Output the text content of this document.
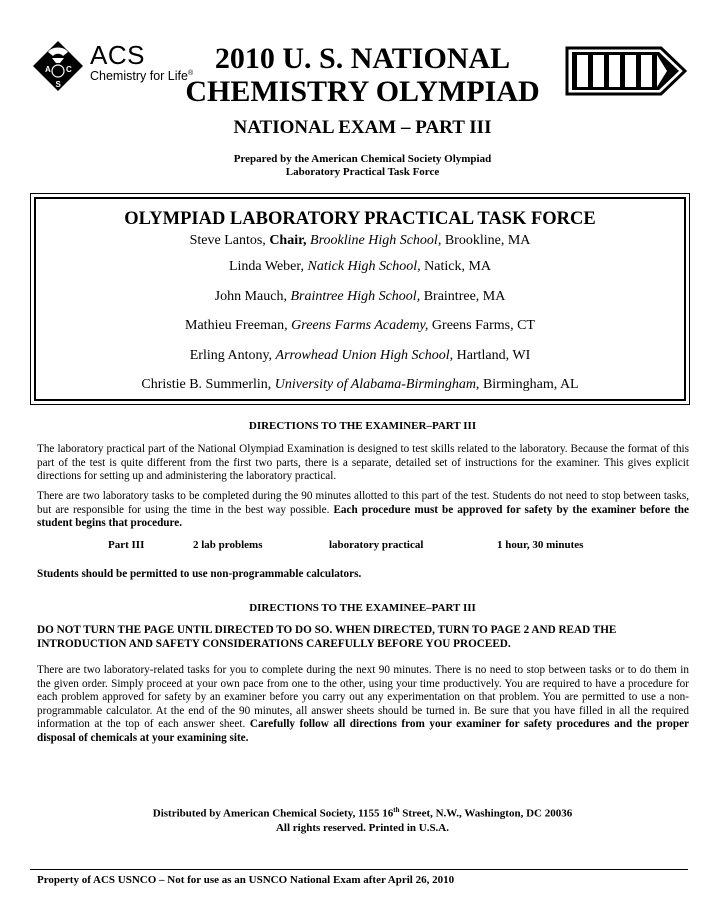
A C
S
ACS
Chemistry for Life® 2010 U. S. NATIONAL
CHEMISTRY OLYMPIAD
NATIONAL EXAM – PART III
Prepared by the American Chemical Society Olympiad
Laboratory Practical Task Force
OLYMPIAD LABORATORY PRACTICAL TASK FORCE
Steve Lantos, Chair, Brookline High School, Brookline, MA
Linda Weber, Natick High School, Natick, MA
John Mauch, Braintree High School, Braintree, MA
Mathieu Freeman, Greens Farms Academy, Greens Farms, CT
Erling Antony, Arrowhead Union High School, Hartland, WI
Christie B. Summerlin, University of Alabama-Birmingham, Birmingham, AL
DIRECTIONS TO THE EXAMINER–PART III
The laboratory practical part of the National Olympiad Examination is designed to test skills related to the laboratory. Because the format of this part of the test is quite different from the first two parts, there is a separate, detailed set of instructions for the examiner. This gives explicit directions for setting up and administering the laboratory practical.
There are two laboratory tasks to be completed during the 90 minutes allotted to this part of the test. Students do not need to stop between tasks, but are responsible for using the time in the best way possible. Each procedure must be approved for safety by the examiner before the student begins that procedure.
Part III	2 lab problems	laboratory practical	1 hour, 30 minutes
Students should be permitted to use non-programmable calculators.
DIRECTIONS TO THE EXAMINEE–PART III
DO NOT TURN THE PAGE UNTIL DIRECTED TO DO SO. WHEN DIRECTED, TURN TO PAGE 2 AND READ THE INTRODUCTION AND SAFETY CONSIDERATIONS CAREFULLY BEFORE YOU PROCEED.
There are two laboratory-related tasks for you to complete during the next 90 minutes. There is no need to stop between tasks or to do them in the given order. Simply proceed at your own pace from one to the other, using your time productively. You are required to have a procedure for each problem approved for safety by an examiner before you carry out any experimentation on that problem. You are permitted to use a non-programmable calculator. At the end of the 90 minutes, all answer sheets should be turned in. Be sure that you have filled in all the required information at the top of each answer sheet. Carefully follow all directions from your examiner for safety procedures and the proper disposal of chemicals at your examining site.
Distributed by American Chemical Society, 1155 16th Street, N.W., Washington, DC 20036
All rights reserved. Printed in U.S.A.
Property of ACS USNCO – Not for use as an USNCO National Exam after April 26, 2010
